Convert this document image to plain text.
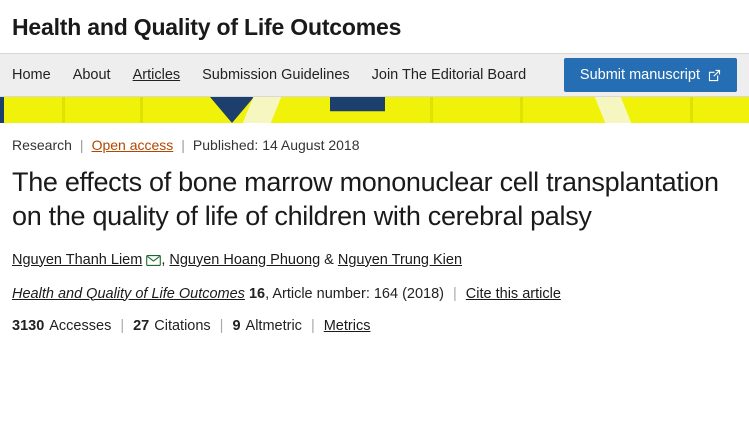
Health and Quality of Life Outcomes
Home About Articles Submission Guidelines Join The Editorial Board	Submit manuscript
Research | Open access | Published: 14 August 2018
The effects of bone marrow mononuclear cell transplantation on the quality of life of children with cerebral palsy
Nguyen Thanh Liem , Nguyen Hoang Phuong & Nguyen Trung Kien
Health and Quality of Life Outcomes 16, Article number: 164 (2018) | Cite this article
3130 Accesses | 27 Citations | 9 Altmetric | Metrics
